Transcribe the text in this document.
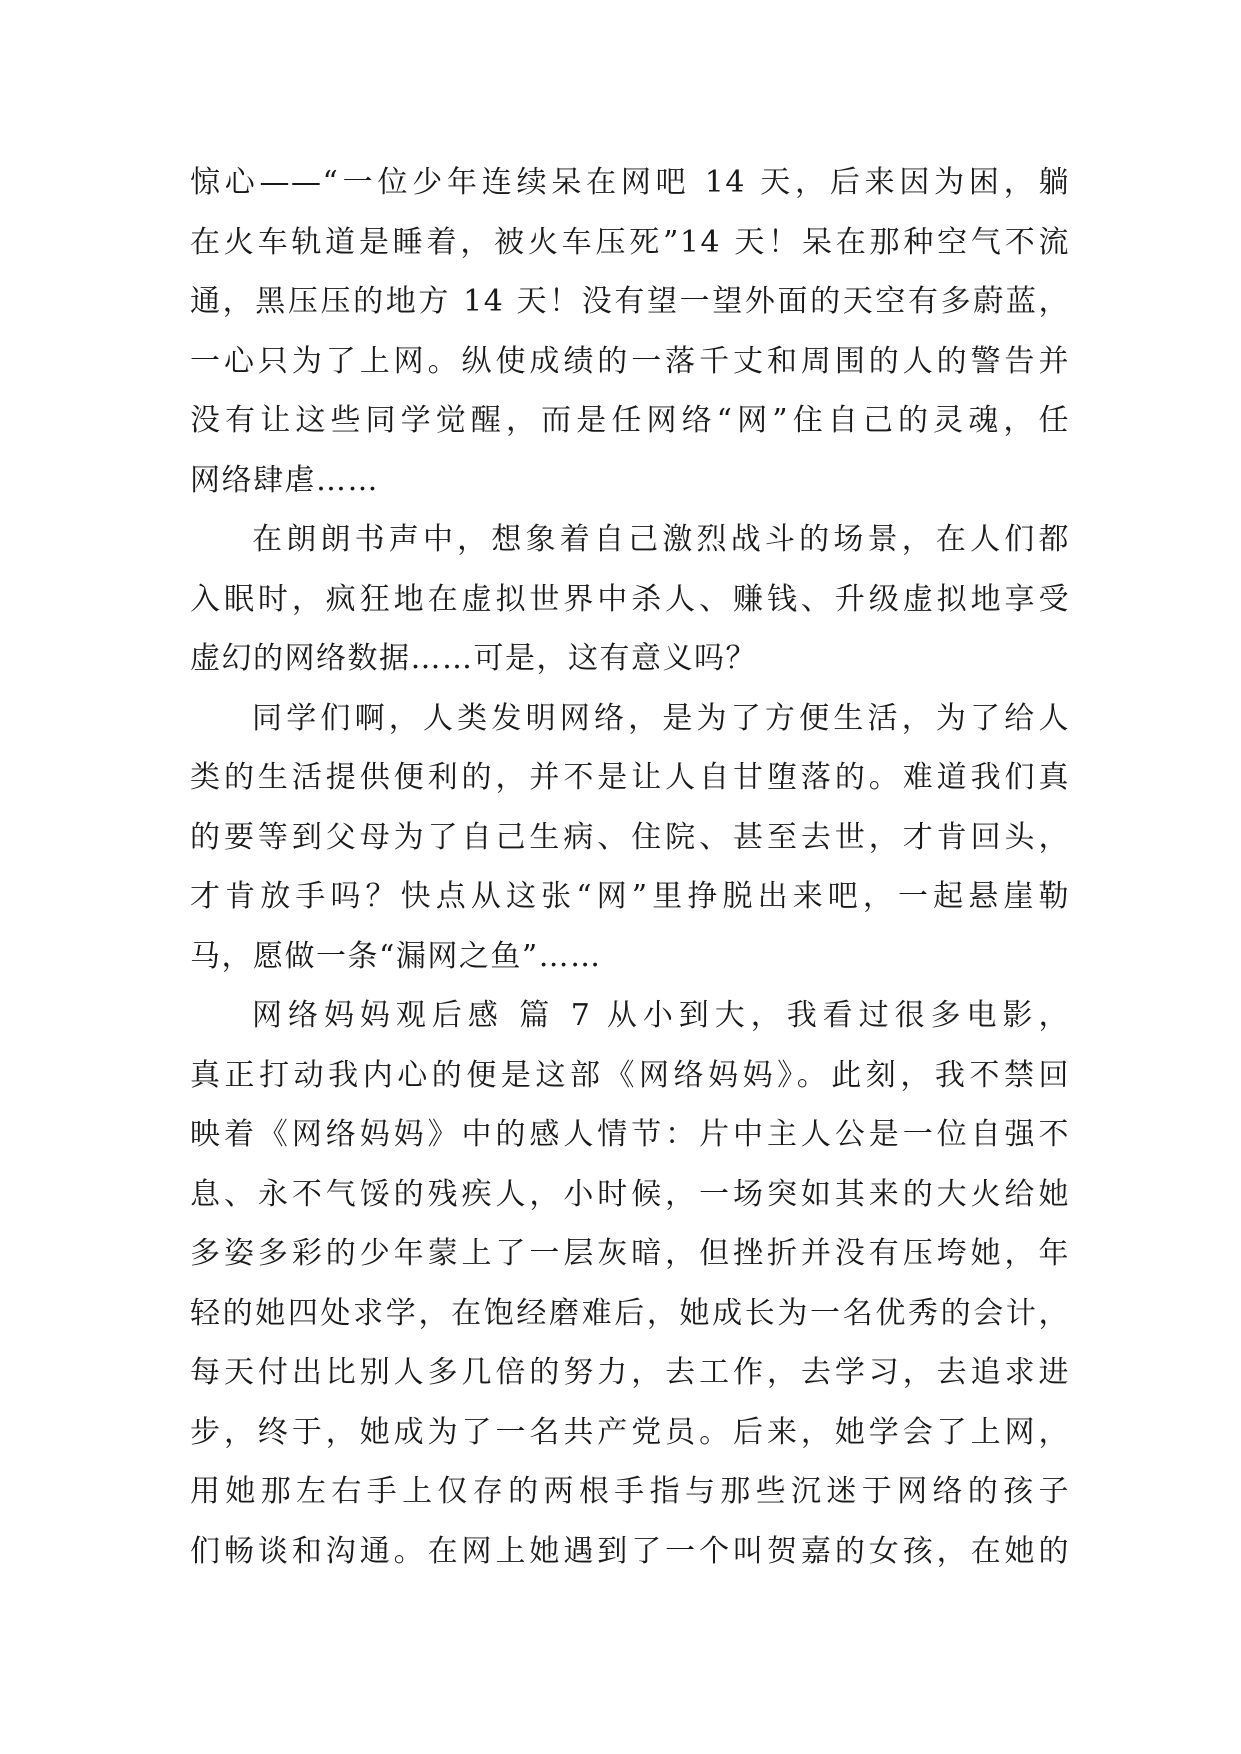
惊心——“一位少年连续呆在网吧 14 天，后来因为困，躺
在火车轨道是睡着，被火车压死”14 天！呆在那种空气不流
通，黑压压的地方 14 天！没有望一望外面的天空有多蔚蓝，
一心只为了上网。纵使成绩的一落千丈和周围的人的警告并
没有让这些同学觉醒，而是任网络“网”住自己的灵魂，任
网络肆虐……
在朗朗书声中，想象着自己激烈战斗的场景，在人们都
入眠时，疯狂地在虚拟世界中杀人、赚钱、升级虚拟地享受
虚幻的网络数据……可是，这有意义吗？
同学们啊，人类发明网络，是为了方便生活，为了给人
类的生活提供便利的，并不是让人自甘堕落的。难道我们真
的要等到父母为了自己生病、住院、甚至去世，才肯回头，
才肯放手吗？快点从这张“网”里挣脱出来吧，一起悬崖勒
马，愿做一条“漏网之鱼”……
网络妈妈观后感 篇 7 从小到大，我看过很多电影，
真正打动我内心的便是这部《网络妈妈》。此刻，我不禁回
映着《网络妈妈》中的感人情节：片中主人公是一位自强不
息、永不气馁的残疾人，小时候，一场突如其来的大火给她
多姿多彩的少年蒙上了一层灰暗，但挫折并没有压垮她，年
轻的她四处求学，在饱经磨难后，她成长为一名优秀的会计，
每天付出比别人多几倍的努力，去工作，去学习，去追求进
步，终于，她成为了一名共产党员。后来，她学会了上网，
用她那左右手上仅存的两根手指与那些沉迷于网络的孩子
们畅谈和沟通。在网上她遇到了一个叫贺嘉的女孩，在她的
